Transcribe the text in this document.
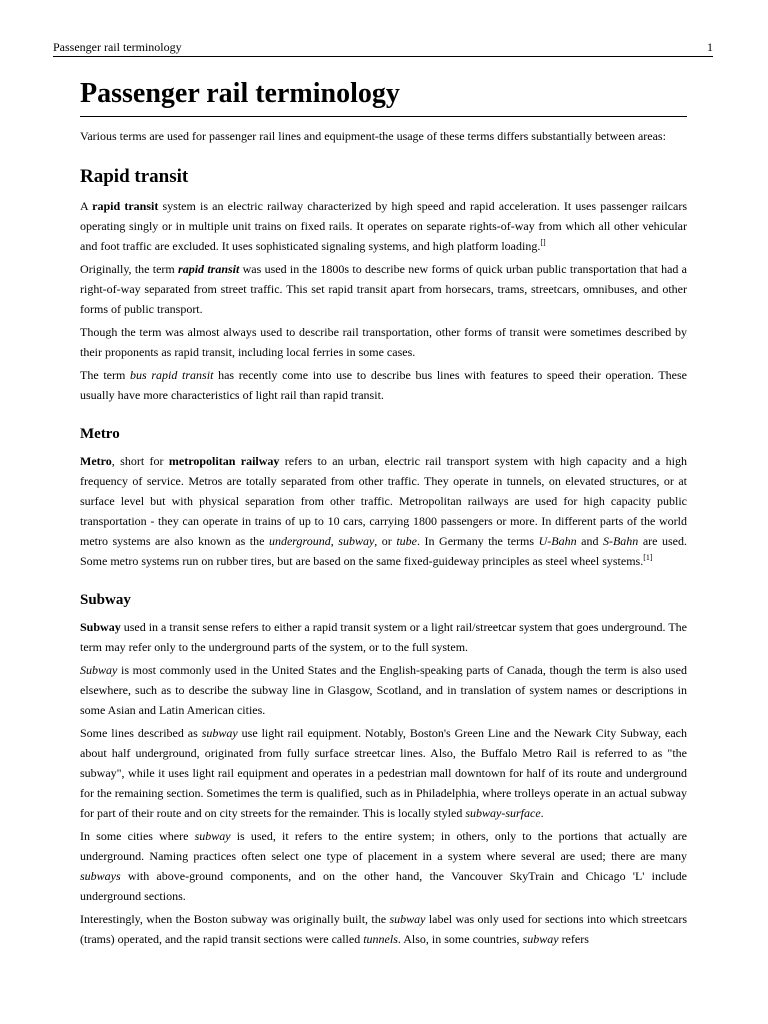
Passenger rail terminology	1
Passenger rail terminology

Various terms are used for passenger rail lines and equipment-the usage of these terms differs substantially between areas:

Rapid transit

A rapid transit system is an electric railway characterized by high speed and rapid acceleration. It uses passenger railcars operating singly or in multiple unit trains on fixed rails. It operates on separate rights-of-way from which all other vehicular and foot traffic are excluded. It uses sophisticated signaling systems, and high platform loading.[]

Originally, the term rapid transit was used in the 1800s to describe new forms of quick urban public transportation that had a right-of-way separated from street traffic. This set rapid transit apart from horsecars, trams, streetcars, omnibuses, and other forms of public transport.

Though the term was almost always used to describe rail transportation, other forms of transit were sometimes described by their proponents as rapid transit, including local ferries in some cases.

The term bus rapid transit has recently come into use to describe bus lines with features to speed their operation. These usually have more characteristics of light rail than rapid transit.

Metro

Metro, short for metropolitan railway refers to an urban, electric rail transport system with high capacity and a high frequency of service. Metros are totally separated from other traffic. They operate in tunnels, on elevated structures, or at surface level but with physical separation from other traffic. Metropolitan railways are used for high capacity public transportation - they can operate in trains of up to 10 cars, carrying 1800 passengers or more. In different parts of the world metro systems are also known as the underground, subway, or tube. In Germany the terms U-Bahn and S-Bahn are used. Some metro systems run on rubber tires, but are based on the same fixed-guideway principles as steel wheel systems.[1]

Subway

Subway used in a transit sense refers to either a rapid transit system or a light rail/streetcar system that goes underground. The term may refer only to the underground parts of the system, or to the full system.

Subway is most commonly used in the United States and the English-speaking parts of Canada, though the term is also used elsewhere, such as to describe the subway line in Glasgow, Scotland, and in translation of system names or descriptions in some Asian and Latin American cities.

Some lines described as subway use light rail equipment. Notably, Boston's Green Line and the Newark City Subway, each about half underground, originated from fully surface streetcar lines. Also, the Buffalo Metro Rail is referred to as "the subway", while it uses light rail equipment and operates in a pedestrian mall downtown for half of its route and underground for the remaining section. Sometimes the term is qualified, such as in Philadelphia, where trolleys operate in an actual subway for part of their route and on city streets for the remainder. This is locally styled subway-surface.

In some cities where subway is used, it refers to the entire system; in others, only to the portions that actually are underground. Naming practices often select one type of placement in a system where several are used; there are many subways with above-ground components, and on the other hand, the Vancouver SkyTrain and Chicago 'L' include underground sections.

Interestingly, when the Boston subway was originally built, the subway label was only used for sections into which streetcars (trams) operated, and the rapid transit sections were called tunnels. Also, in some countries, subway refers
